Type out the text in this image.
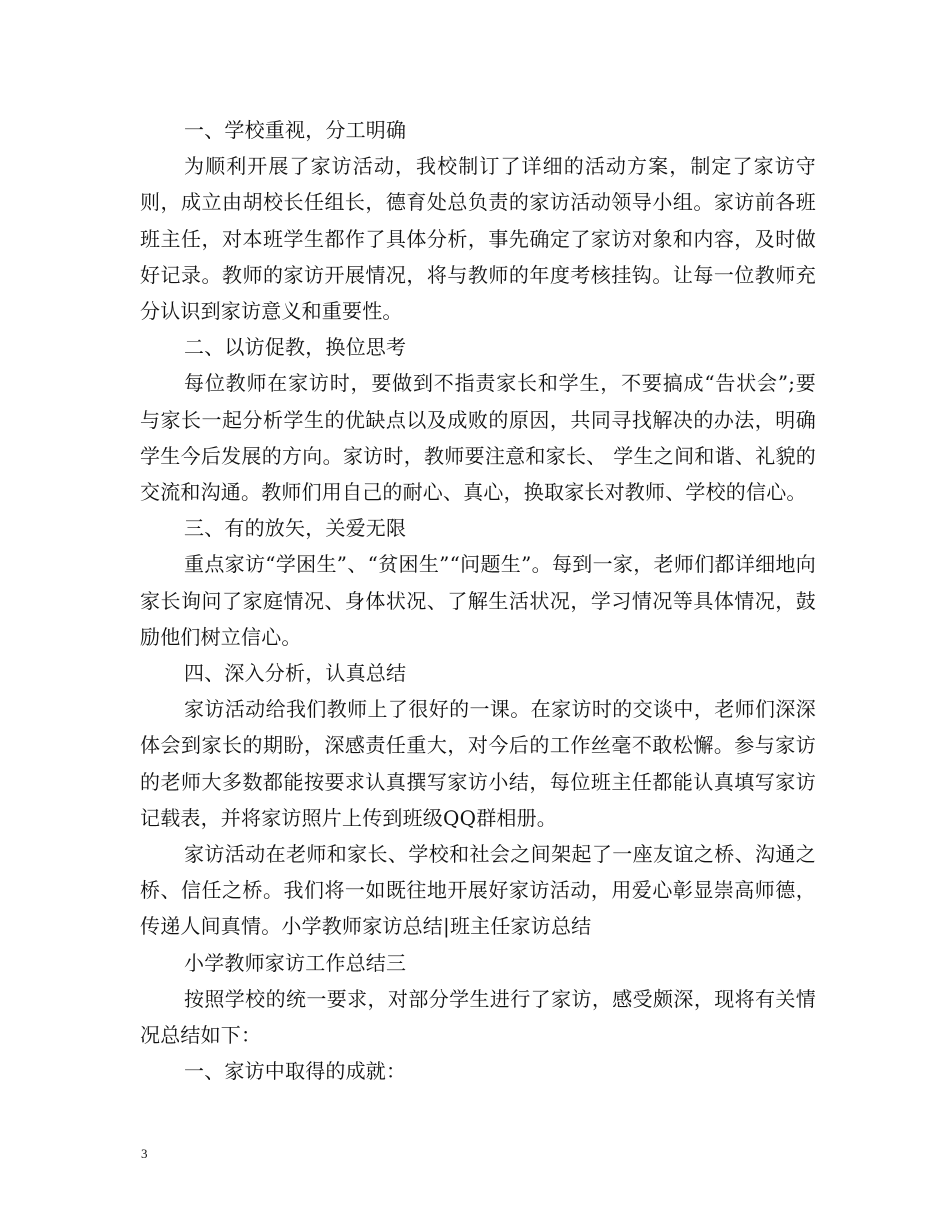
一、学校重视，分工明确

为顺利开展了家访活动，我校制订了详细的活动方案，制定了家访守则，成立由胡校长任组长，德育处总负责的家访活动领导小组。家访前各班班主任，对本班学生都作了具体分析，事先确定了家访对象和内容，及时做好记录。教师的家访开展情况，将与教师的年度考核挂钩。让每一位教师充分认识到家访意义和重要性。

二、以访促教，换位思考

每位教师在家访时，要做到不指责家长和学生，不要搞成“告状会”;要与家长一起分析学生的优缺点以及成败的原因，共同寻找解决的办法，明确学生今后发展的方向。家访时，教师要注意和家长、 学生之间和谐、礼貌的交流和沟通。教师们用自己的耐心、真心，换取家长对教师、学校的信心。

三、有的放矢，关爱无限

重点家访“学困生”、“贫困生”“问题生”。每到一家，老师们都详细地向家长询问了家庭情况、身体状况、了解生活状况，学习情况等具体情况，鼓励他们树立信心。

四、深入分析，认真总结

家访活动给我们教师上了很好的一课。在家访时的交谈中，老师们深深体会到家长的期盼，深感责任重大，对今后的工作丝毫不敢松懈。参与家访的老师大多数都能按要求认真撰写家访小结，每位班主任都能认真填写家访记载表，并将家访照片上传到班级QQ群相册。

家访活动在老师和家长、学校和社会之间架起了一座友谊之桥、沟通之桥、信任之桥。我们将一如既往地开展好家访活动，用爱心彰显崇高师德，传递人间真情。小学教师家访总结|班主任家访总结

小学教师家访工作总结三

按照学校的统一要求，对部分学生进行了家访，感受颇深，现将有关情况总结如下：

一、家访中取得的成就：

3
